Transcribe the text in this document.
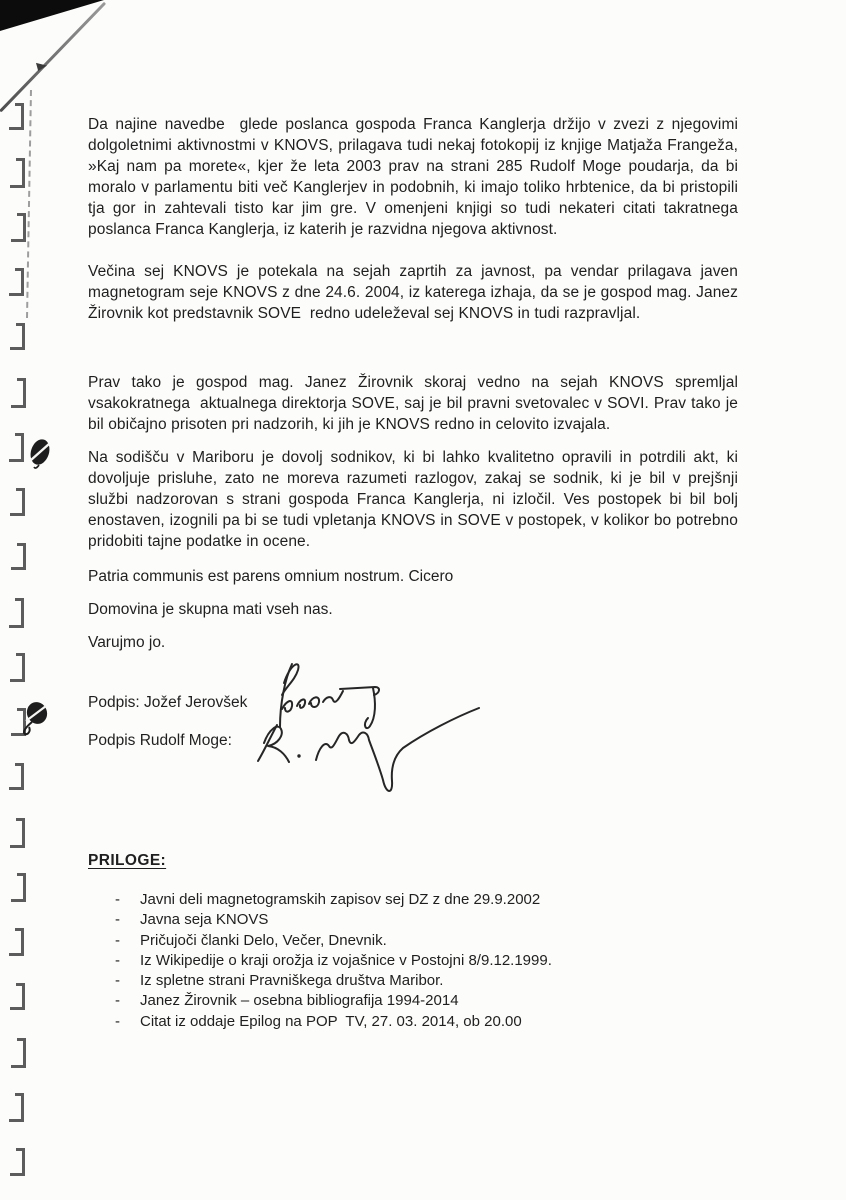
Da najine navedbe  glede poslanca gospoda Franca Kanglerja držijo v zvezi z njegovimi dolgoletnimi aktivnostmi v KNOVS, prilagava tudi nekaj fotokopij iz knjige Matjaža Frangeža, »Kaj nam pa morete«, kjer že leta 2003 prav na strani 285 Rudolf Moge poudarja, da bi moralo v parlamentu biti več Kanglerjev in podobnih, ki imajo toliko hrbtenice, da bi pristopili tja gor in zahtevali tisto kar jim gre. V omenjeni knjigi so tudi nekateri citati takratnega poslanca Franca Kanglerja, iz katerih je razvidna njegova aktivnost.

Večina sej KNOVS je potekala na sejah zaprtih za javnost, pa vendar prilagava javen magnetogram seje KNOVS z dne 24.6. 2004, iz katerega izhaja, da se je gospod mag. Janez Žirovnik kot predstavnik SOVE  redno udeleževal sej KNOVS in tudi razpravljal.

Prav tako je gospod mag. Janez Žirovnik skoraj vedno na sejah KNOVS spremljal vsakokratnega  aktualnega direktorja SOVE, saj je bil pravni svetovalec v SOVI. Prav tako je bil običajno prisoten pri nadzorih, ki jih je KNOVS redno in celovito izvajala.

Na sodišču v Mariboru je dovolj sodnikov, ki bi lahko kvalitetno opravili in potrdili akt, ki dovoljuje prisluhe, zato ne moreva razumeti razlogov, zakaj se sodnik, ki je bil v prejšnji službi nadzorovan s strani gospoda Franca Kanglerja, ni izločil. Ves postopek bi bil bolj enostaven, izognili pa bi se tudi vpletanja KNOVS in SOVE v postopek, v kolikor bo potrebno pridobiti tajne podatke in ocene.

Patria communis est parens omnium nostrum. Cicero

Domovina je skupna mati vseh nas.

Varujmo jo.

Podpis: Jožef Jerovšek

Podpis Rudolf Moge:

PRILOGE:
- Javni deli magnetogramskih zapisov sej DZ z dne 29.9.2002
- Javna seja KNOVS
- Pričujoči članki Delo, Večer, Dnevnik.
- Iz Wikipedije o kraji orožja iz vojašnice v Postojni 8/9.12.1999.
- Iz spletne strani Pravniškega društva Maribor.
- Janez Žirovnik – osebna bibliografija 1994-2014
- Citat iz oddaje Epilog na POP  TV, 27. 03. 2014, ob 20.00
